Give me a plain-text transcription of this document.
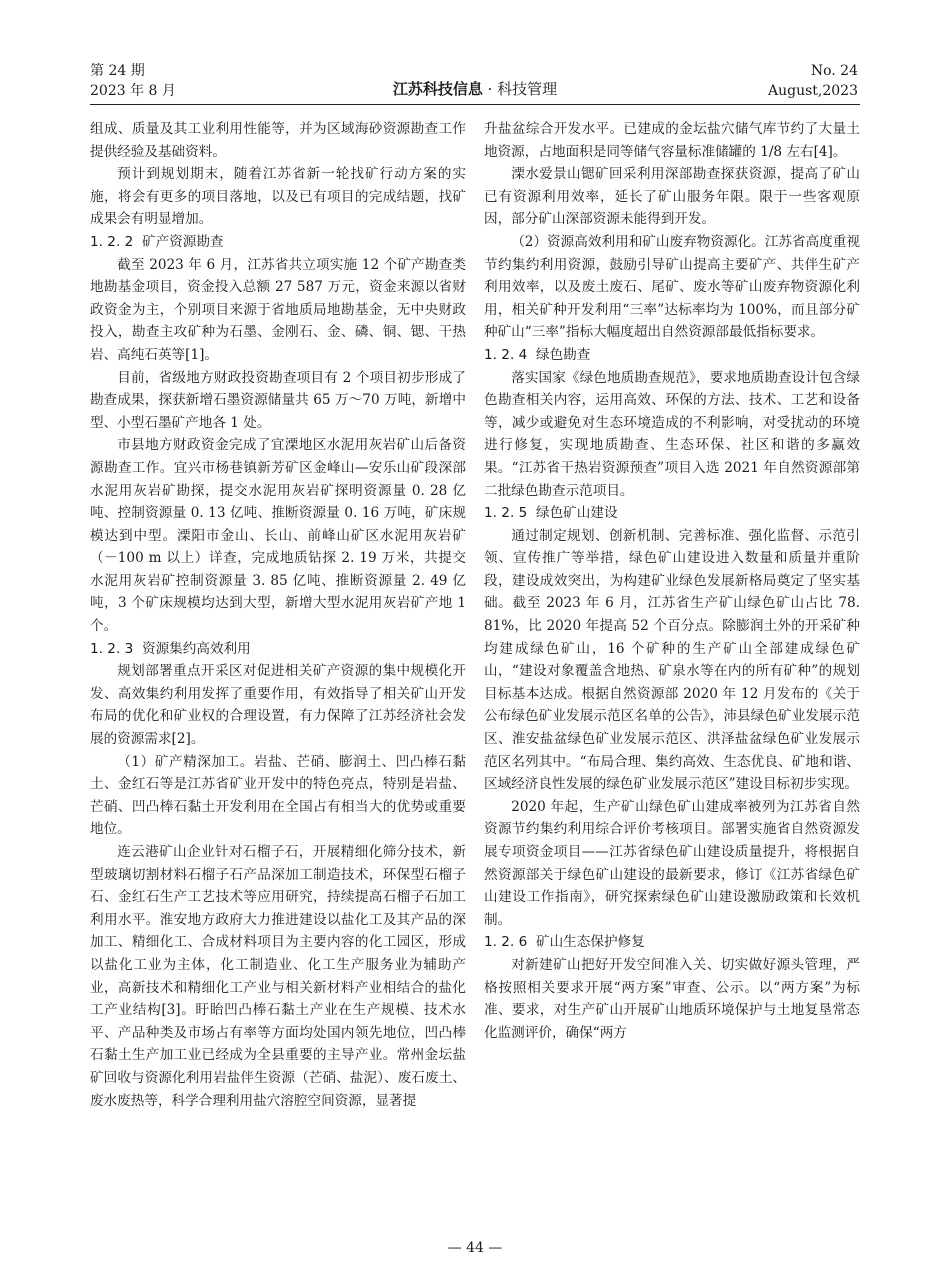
第 24 期
2023 年 8 月	江苏科技信息 · 科技管理
No. 24
August,2023

组成、质量及其工业利用性能等，并为区域海砂资源勘查工作提供经验及基础资料。

预计到规划期末，随着江苏省新一轮找矿行动方案的实施，将会有更多的项目落地，以及已有项目的完成结题，找矿成果会有明显增加。

1. 2. 2 矿产资源勘查

截至 2023 年 6 月，江苏省共立项实施 12 个矿产勘查类地勘基金项目，资金投入总额 27 587 万元，资金来源以省财政资金为主，个别项目来源于省地质局地勘基金，无中央财政投入，勘查主攻矿种为石墨、金刚石、金、磷、铜、锶、干热岩、高纯石英等[1]。

目前，省级地方财政投资勘查项目有 2 个项目初步形成了勘查成果，探获新增石墨资源储量共 65 万～70 万吨，新增中型、小型石墨矿产地各 1 处。

市县地方财政资金完成了宜溧地区水泥用灰岩矿山后备资源勘查工作。宜兴市杨巷镇新芳矿区金峰山—安乐山矿段深部水泥用灰岩矿勘探，提交水泥用灰岩矿探明资源量 0. 28 亿吨、控制资源量 0. 13 亿吨、推断资源量 0. 16 万吨，矿床规模达到中型。溧阳市金山、长山、前峰山矿区水泥用灰岩矿（－100 m 以上）详查，完成地质钻探 2. 19 万米，共提交水泥用灰岩矿控制资源量 3. 85 亿吨、推断资源量 2. 49 亿吨，3 个矿床规模均达到大型，新增大型水泥用灰岩矿产地 1 个。

1. 2. 3 资源集约高效利用

规划部署重点开采区对促进相关矿产资源的集中规模化开发、高效集约利用发挥了重要作用，有效指导了相关矿山开发布局的优化和矿业权的合理设置，有力保障了江苏经济社会发展的资源需求[2]。

（1）矿产精深加工。岩盐、芒硝、膨润土、凹凸棒石黏土、金红石等是江苏省矿业开发中的特色亮点，特别是岩盐、芒硝、凹凸棒石黏土开发利用在全国占有相当大的优势或重要地位。

连云港矿山企业针对石榴子石，开展精细化筛分技术，新型玻璃切割材料石榴子石产品深加工制造技术，环保型石榴子石、金红石生产工艺技术等应用研究，持续提高石榴子石加工利用水平。淮安地方政府大力推进建设以盐化工及其产品的深加工、精细化工、合成材料项目为主要内容的化工园区，形成以盐化工业为主体，化工制造业、化工生产服务业为辅助产业，高新技术和精细化工产业与相关新材料产业相结合的盐化工产业结构[3]。盱眙凹凸棒石黏土产业在生产规模、技术水平、产品种类及市场占有率等方面均处国内领先地位，凹凸棒石黏土生产加工业已经成为全县重要的主导产业。常州金坛盐矿回收与资源化利用岩盐伴生资源（芒硝、盐泥）、废石废土、废水废热等，科学合理利用盐穴溶腔空间资源，显著提

升盐盆综合开发水平。已建成的金坛盐穴储气库节约了大量土地资源，占地面积是同等储气容量标准储罐的 1/8 左右[4]。

溧水爱景山锶矿回采利用深部勘查探获资源，提高了矿山已有资源利用效率，延长了矿山服务年限。限于一些客观原因，部分矿山深部资源未能得到开发。

（2）资源高效利用和矿山废弃物资源化。江苏省高度重视节约集约利用资源，鼓励引导矿山提高主要矿产、共伴生矿产利用效率，以及废土废石、尾矿、废水等矿山废弃物资源化利用，相关矿种开发利用“三率”达标率均为 100%，而且部分矿种矿山“三率”指标大幅度超出自然资源部最低指标要求。

1. 2. 4 绿色勘查

落实国家《绿色地质勘查规范》，要求地质勘查设计包含绿色勘查相关内容，运用高效、环保的方法、技术、工艺和设备等，减少或避免对生态环境造成的不利影响，对受扰动的环境进行修复，实现地质勘查、生态环保、社区和谐的多赢效果。“江苏省干热岩资源预查”项目入选 2021 年自然资源部第二批绿色勘查示范项目。

1. 2. 5 绿色矿山建设

通过制定规划、创新机制、完善标准、强化监督、示范引领、宣传推广等举措，绿色矿山建设进入数量和质量并重阶段，建设成效突出，为构建矿业绿色发展新格局奠定了坚实基础。截至 2023 年 6 月，江苏省生产矿山绿色矿山占比 78. 81%，比 2020 年提高 52 个百分点。除膨润土外的开采矿种均建成绿色矿山，16 个矿种的生产矿山全部建成绿色矿山，“建设对象覆盖含地热、矿泉水等在内的所有矿种”的规划目标基本达成。根据自然资源部 2020 年 12 月发布的《关于公布绿色矿业发展示范区名单的公告》，沛县绿色矿业发展示范区、淮安盐盆绿色矿业发展示范区、洪泽盐盆绿色矿业发展示范区名列其中。“布局合理、集约高效、生态优良、矿地和谐、区域经济良性发展的绿色矿业发展示范区”建设目标初步实现。

2020 年起，生产矿山绿色矿山建成率被列为江苏省自然资源节约集约利用综合评价考核项目。部署实施省自然资源发展专项资金项目——江苏省绿色矿山建设质量提升，将根据自然资源部关于绿色矿山建设的最新要求，修订《江苏省绿色矿山建设工作指南》，研究探索绿色矿山建设激励政策和长效机制。

1. 2. 6 矿山生态保护修复

对新建矿山把好开发空间准入关、切实做好源头管理，严格按照相关要求开展“两方案”审查、公示。以“两方案”为标准、要求，对生产矿山开展矿山地质环境保护与土地复垦常态化监测评价，确保“两方

— 44 —
